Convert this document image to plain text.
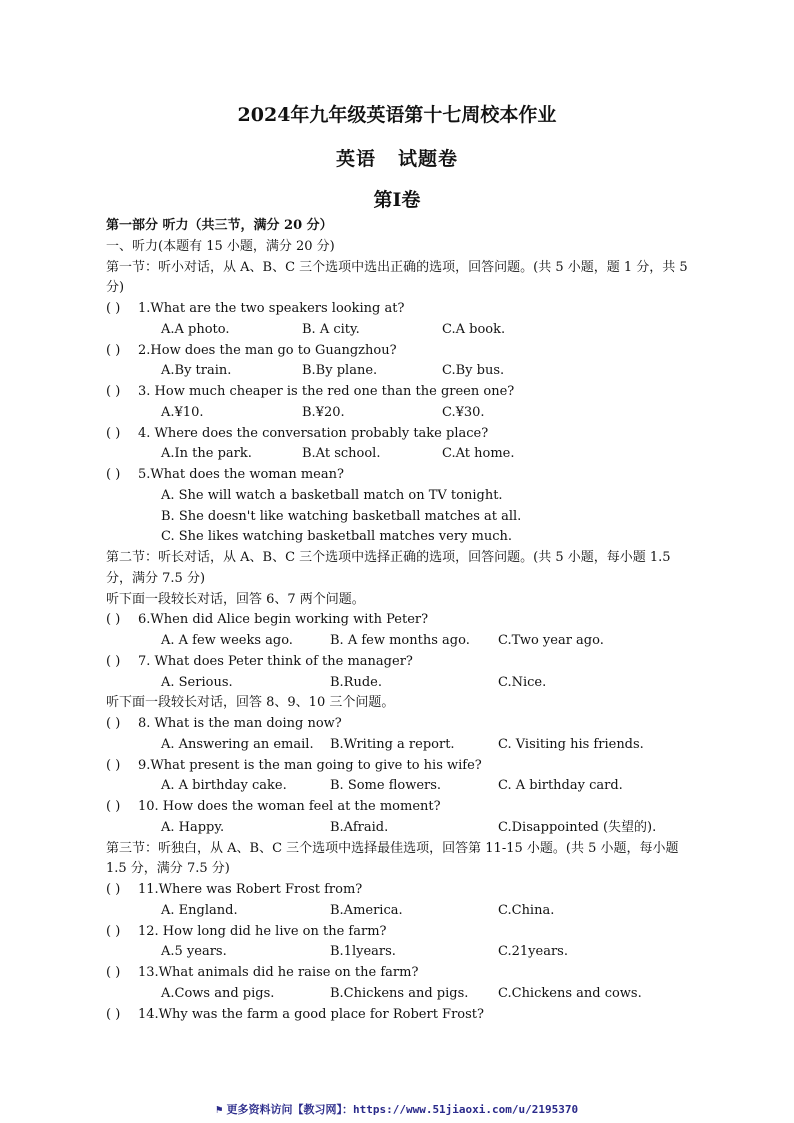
2024年九年级英语第十七周校本作业
英语 试题卷
第Ⅰ卷
第一部分 听力（共三节，满分 20 分）
一、听力(本题有 15 小题，满分 20 分)
第一节：听小对话，从 A、B、C 三个选项中选出正确的选项，回答问题。(共 5 小题，题 1 分，共 5 分)
( ) 1.What are the two speakers looking at?
A.A photo.	B. A city.	C.A book.
( ) 2.How does the man go to Guangzhou?
A.By train.	B.By plane.	C.By bus.
( ) 3. How much cheaper is the red one than the green one?
A.¥10.	B.¥20.	C.¥30.
( ) 4. Where does the conversation probably take place?
A.In the park.	B.At school.	C.At home.
( ) 5.What does the woman mean?
A. She will watch a basketball match on TV tonight.
B. She doesn't like watching basketball matches at all.
C. She likes watching basketball matches very much.
第二节：听长对话，从 A、B、C 三个选项中选择正确的选项，回答问题。(共 5 小题，每小题 1.5 分，满分 7.5 分)
听下面一段较长对话，回答 6、7 两个问题。
( ) 6.When did Alice begin working with Peter?
A. A few weeks ago.	B. A few months ago. C.Two year ago.
( ) 7. What does Peter think of the manager?
A. Serious.	B.Rude.	C.Nice.
听下面一段较长对话，回答 8、9、10 三个问题。
( ) 8. What is the man doing now?
A. Answering an email. B.Writing a report.	C. Visiting his friends.
( ) 9.What present is the man going to give to his wife?
A. A birthday cake.	B. Some flowers.	C. A birthday card.
( ) 10. How does the woman feel at the moment?
A. Happy.	B.Afraid.	C.Disappointed (失望的).
第三节：听独白，从 A、B、C 三个选项中选择最佳选项，回答第 11-15 小题。(共 5 小题，每小题 1.5 分，满分 7.5 分)
( ) 11.Where was Robert Frost from?
A. England.	B.America.	C.China.
( ) 12. How long did he live on the farm?
A.5 years.	B.1lyears.	C.21years.
( ) 13.What animals did he raise on the farm?
A.Cows and pigs.	B.Chickens and pigs. C.Chickens and cows.
( ) 14.Why was the farm a good place for Robert Frost?
⚑ 更多资料访问【教习网】：https://www.51jiaoxi.com/u/2195370
